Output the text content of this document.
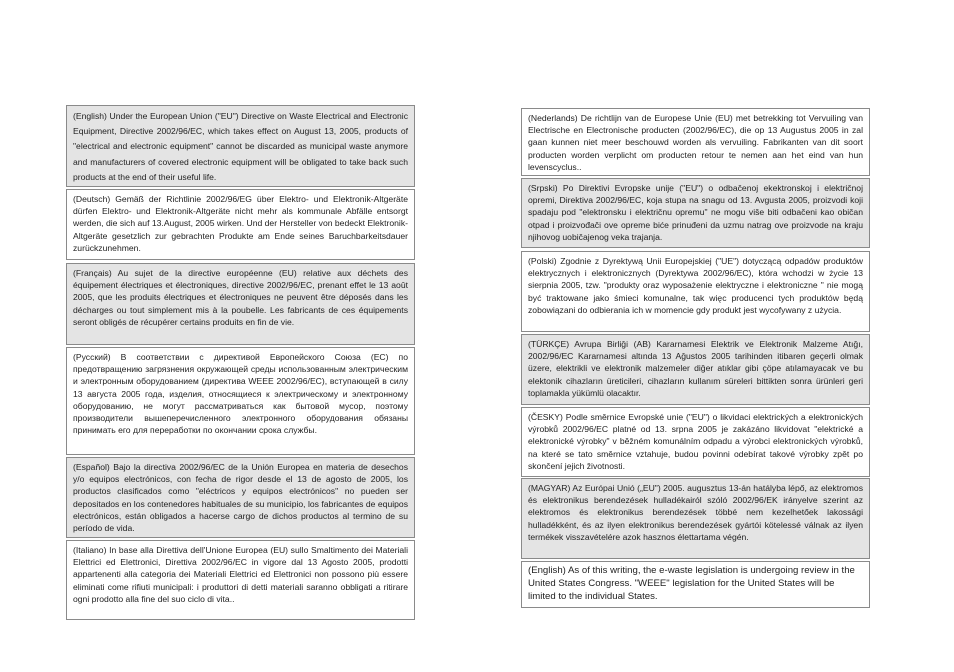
(English) Under the European Union ("EU") Directive on Waste Electrical and Electronic Equipment, Directive 2002/96/EC, which takes effect on August 13, 2005, products of "electrical and electronic equipment" cannot be discarded as municipal waste anymore and manufacturers of covered electronic equipment will be obligated to take back such products at the end of their useful life.

(Deutsch) Gemäß der Richtlinie 2002/96/EG über Elektro- und Elektronik-Altgeräte dürfen Elektro- und Elektronik-Altgeräte nicht mehr als kommunale Abfälle entsorgt werden, die sich auf 13.August, 2005 wirken. Und der Hersteller von bedeckt Elektronik-Altgeräte gesetzlich zur gebrachten Produkte am Ende seines Baruchbarkeitsdauer zurückzunehmen.

(Français) Au sujet de la directive européenne (EU) relative aux déchets des équipement électriques et électroniques, directive 2002/96/EC, prenant effet le 13 août 2005, que les produits électriques et électroniques ne peuvent être déposés dans les décharges ou tout simplement mis à la poubelle. Les fabricants de ces équipements seront obligés de récupérer certains produits en fin de vie.

(Русский) В соответствии с директивой Европейского Союза (ЕС) по предотвращению загрязнения окружающей среды использованным электрическим и электронным оборудованием (директива WEEE 2002/96/EC), вступающей в силу 13 августа 2005 года, изделия, относящиеся к электрическому и электронному оборудованию, не могут рассматриваться как бытовой мусор, поэтому производители вышеперечисленного электронного оборудования обязаны принимать его для переработки по окончании срока службы.

(Español) Bajo la directiva 2002/96/EC de la Unión Europea en materia de desechos y/o equipos electrónicos, con fecha de rigor desde el 13 de agosto de 2005, los productos clasificados como "eléctricos y equipos electrónicos" no pueden ser depositados en los contenedores habituales de su municipio, los fabricantes de equipos electrónicos, están obligados a hacerse cargo de dichos productos al termino de su período de vida.

(Italiano) In base alla Direttiva dell'Unione Europea (EU) sullo Smaltimento dei Materiali Elettrici ed Elettronici, Direttiva 2002/96/EC in vigore dal 13 Agosto 2005, prodotti appartenenti alla categoria dei Materiali Elettrici ed Elettronici non possono più essere eliminati come rifiuti municipali: i produttori di detti materiali saranno obbligati a ritirare ogni prodotto alla fine del suo ciclo di vita..

(Nederlands) De richtlijn van de Europese Unie (EU) met betrekking tot Vervuiling van Electrische en Electronische producten (2002/96/EC), die op 13 Augustus 2005 in zal gaan kunnen niet meer beschouwd worden als vervuiling. Fabrikanten van dit soort producten worden verplicht om producten retour te nemen aan het eind van hun levenscyclus..

(Srpski) Po Direktivi Evropske unije ("EU") o odbačenoj ekektronskoj i električnoj opremi, Direktiva 2002/96/EC, koja stupa na snagu od 13. Avgusta 2005, proizvodi koji spadaju pod "elektronsku i električnu opremu" ne mogu više biti odbačeni kao običan otpad i proizvođači ove opreme biće prinuđeni da uzmu natrag ove proizvode na kraju njihovog uobičajenog veka trajanja.

(Polski) Zgodnie z Dyrektywą Unii Europejskiej ("UE") dotyczącą odpadów produktów elektrycznych i elektronicznych (Dyrektywa 2002/96/EC), która wchodzi w życie 13 sierpnia 2005, tzw. "produkty oraz wyposażenie elektryczne i elektroniczne " nie mogą być traktowane jako śmieci komunalne, tak więc producenci tych produktów będą zobowiązani do odbierania ich w momencie gdy produkt jest wycofywany z użycia.

(TÜRKÇE) Avrupa Birliği (AB) Kararnamesi Elektrik ve Elektronik Malzeme Atığı, 2002/96/EC Kararnamesi altında 13 Ağustos 2005 tarihinden itibaren geçerli olmak üzere, elektrikli ve elektronik malzemeler diğer atıklar gibi çöpe atılamayacak ve bu elektonik cihazların üreticileri, cihazların kullanım süreleri bittikten sonra ürünleri geri toplamakla yükümlü olacaktır.

(ČESKY) Podle směrnice Evropské unie ("EU") o likvidaci elektrických a elektronických výrobků 2002/96/EC platné od 13. srpna 2005 je zakázáno likvidovat "elektrické a elektronické výrobky" v běžném komunálním odpadu a výrobci elektronických výrobků, na které se tato směrnice vztahuje, budou povinni odebírat takové výrobky zpět po skončení jejich životnosti.

(MAGYAR) Az Európai Unió („EU") 2005. augusztus 13-án hatályba lépő, az elektromos és elektronikus berendezések hulladékairól szóló 2002/96/EK irányelve szerint az elektromos és elektronikus berendezések többé nem kezelhetőek lakossági hulladékként, és az ilyen elektronikus berendezések gyártói kötelessé válnak az ilyen termékek visszavételére azok hasznos élettartama végén.

(English) As of this writing, the e-waste legislation is undergoing review in the United States Congress. "WEEE" legislation for the United States will be limited to the individual States.
